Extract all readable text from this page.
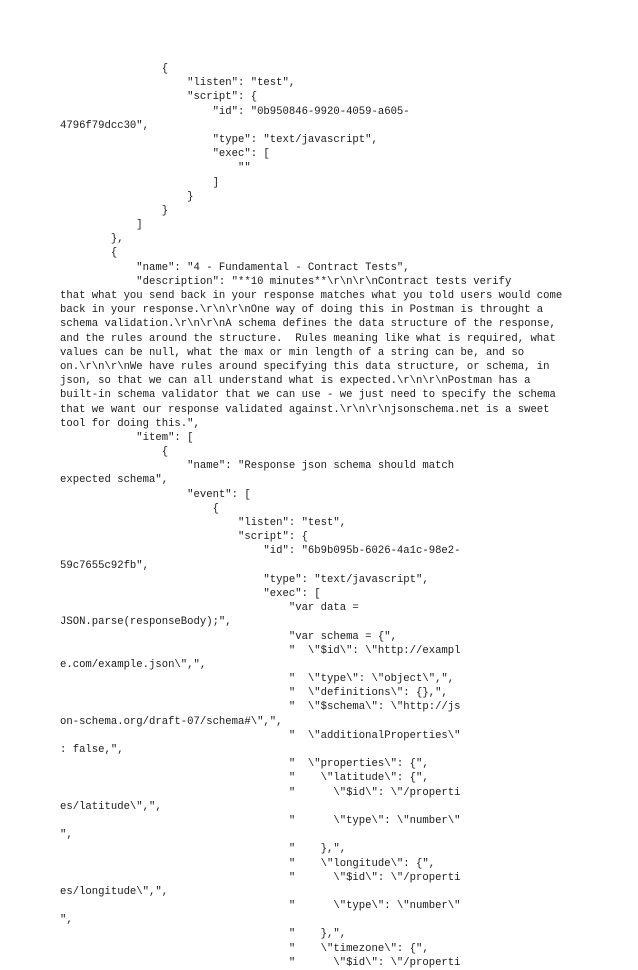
{
"listen": "test",
"script": {
"id": "0b950846-9920-4059-a605-
4796f79dcc30",
"type": "text/javascript",
"exec": [
""
]
}
}
]
},
{
"name": "4 - Fundamental - Contract Tests",
"description": "**10 minutes**\r\n\r\nContract tests verify
that what you send back in your response matches what you told users would come
back in your response.\r\n\r\nOne way of doing this in Postman is throught a
schema validation.\r\n\r\nA schema defines the data structure of the response,
and the rules around the structure.  Rules meaning like what is required, what
values can be null, what the max or min length of a string can be, and so
on.\r\n\r\nWe have rules around specifying this data structure, or schema, in
json, so that we can all understand what is expected.\r\n\r\nPostman has a
built-in schema validator that we can use - we just need to specify the schema
that we want our response validated against.\r\n\r\njsonschema.net is a sweet
tool for doing this.",
"item": [
{
"name": "Response json schema should match
expected schema",
"event": [
{
"listen": "test",
"script": {
"id": "6b9b095b-6026-4a1c-98e2-
59c7655c92fb",
"type": "text/javascript",
"exec": [
"var data =
JSON.parse(responseBody);",
"var schema = {",
"  \"$id\": \"http://exampl
e.com/example.json\",",
"  \"type\": \"object\",",
"  \"definitions\": {},",
"  \"$schema\": \"http://js
on-schema.org/draft-07/schema#\",",
"  \"additionalProperties\"
: false,",
"  \"properties\": {",
"    \"latitude\": {",
"      \"$id\": \"/properti
es/latitude\",",
"      \"type\": \"number\"
",
"    },",
"    \"longitude\": {",
"      \"$id\": \"/properti
es/longitude\",",
"      \"type\": \"number\"
",
"    },",
"    \"timezone\": {",
"      \"$id\": \"/properti
